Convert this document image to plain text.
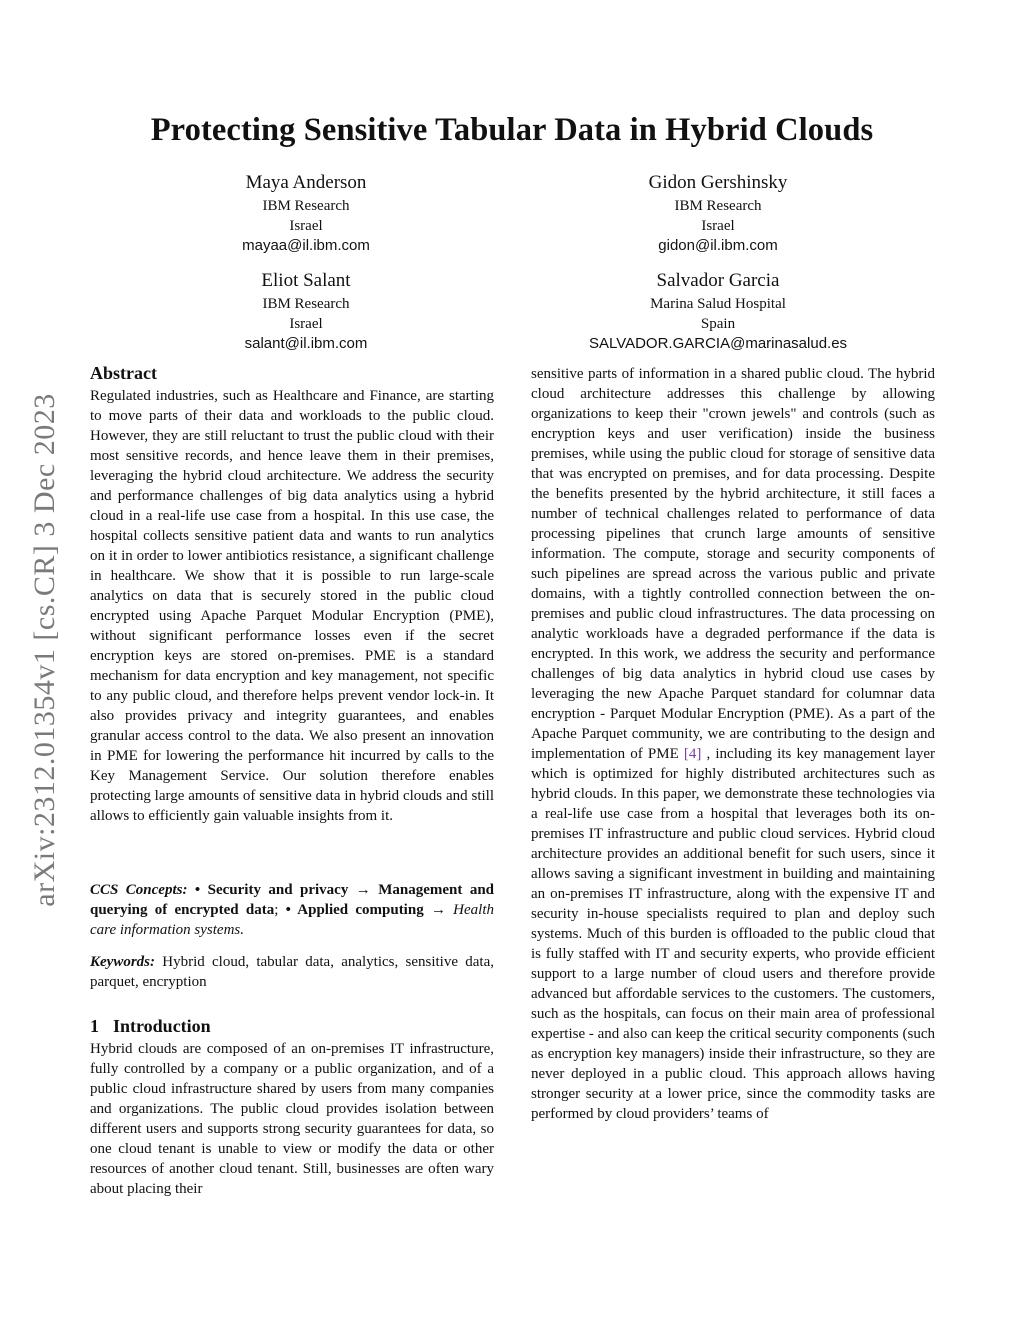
arXiv:2312.01354v1 [cs.CR] 3 Dec 2023
Protecting Sensitive Tabular Data in Hybrid Clouds
Maya Anderson
IBM Research
Israel
mayaa@il.ibm.com
Gidon Gershinsky
IBM Research
Israel
gidon@il.ibm.com
Eliot Salant
IBM Research
Israel
salant@il.ibm.com
Salvador Garcia
Marina Salud Hospital
Spain
SALVADOR.GARCIA@marinasalud.es
Abstract

Regulated industries, such as Healthcare and Finance, are starting to move parts of their data and workloads to the public cloud. However, they are still reluctant to trust the public cloud with their most sensitive records, and hence leave them in their premises, leveraging the hybrid cloud architecture. We address the security and performance challenges of big data analytics using a hybrid cloud in a real-life use case from a hospital. In this use case, the hospital collects sensitive patient data and wants to run analytics on it in order to lower antibiotics resistance, a significant challenge in healthcare. We show that it is possible to run large-scale analytics on data that is securely stored in the public cloud encrypted using Apache Parquet Modular Encryption (PME), without significant performance losses even if the secret encryption keys are stored on-premises. PME is a standard mechanism for data encryption and key management, not specific to any public cloud, and therefore helps prevent vendor lock-in. It also provides privacy and integrity guarantees, and enables granular access control to the data. We also present an innovation in PME for lowering the performance hit incurred by calls to the Key Management Service. Our solution therefore enables protecting large amounts of sensitive data in hybrid clouds and still allows to efficiently gain valuable insights from it.

CCS Concepts: • Security and privacy → Management and querying of encrypted data; • Applied computing → Health care information systems.

Keywords: Hybrid cloud, tabular data, analytics, sensitive data, parquet, encryption

1 Introduction

Hybrid clouds are composed of an on-premises IT infrastructure, fully controlled by a company or a public organization, and of a public cloud infrastructure shared by users from many companies and organizations. The public cloud provides isolation between different users and supports strong security guarantees for data, so one cloud tenant is unable to view or modify the data or other resources of another cloud tenant. Still, businesses are often wary about placing their

sensitive parts of information in a shared public cloud. The hybrid cloud architecture addresses this challenge by allowing organizations to keep their "crown jewels" and controls (such as encryption keys and user verification) inside the business premises, while using the public cloud for storage of sensitive data that was encrypted on premises, and for data processing. Despite the benefits presented by the hybrid architecture, it still faces a number of technical challenges related to performance of data processing pipelines that crunch large amounts of sensitive information. The compute, storage and security components of such pipelines are spread across the various public and private domains, with a tightly controlled connection between the on-premises and public cloud infrastructures. The data processing on analytic workloads have a degraded performance if the data is encrypted. In this work, we address the security and performance challenges of big data analytics in hybrid cloud use cases by leveraging the new Apache Parquet standard for columnar data encryption - Parquet Modular Encryption (PME). As a part of the Apache Parquet community, we are contributing to the design and implementation of PME [4] , including its key management layer which is optimized for highly distributed architectures such as hybrid clouds. In this paper, we demonstrate these technologies via a real-life use case from a hospital that leverages both its on-premises IT infrastructure and public cloud services. Hybrid cloud architecture provides an additional benefit for such users, since it allows saving a significant investment in building and maintaining an on-premises IT infrastructure, along with the expensive IT and security in-house specialists required to plan and deploy such systems. Much of this burden is offloaded to the public cloud that is fully staffed with IT and security experts, who provide efficient support to a large number of cloud users and therefore provide advanced but affordable services to the customers. The customers, such as the hospitals, can focus on their main area of professional expertise - and also can keep the critical security components (such as encryption key managers) inside their infrastructure, so they are never deployed in a public cloud. This approach allows having stronger security at a lower price, since the commodity tasks are performed by cloud providers’ teams of
